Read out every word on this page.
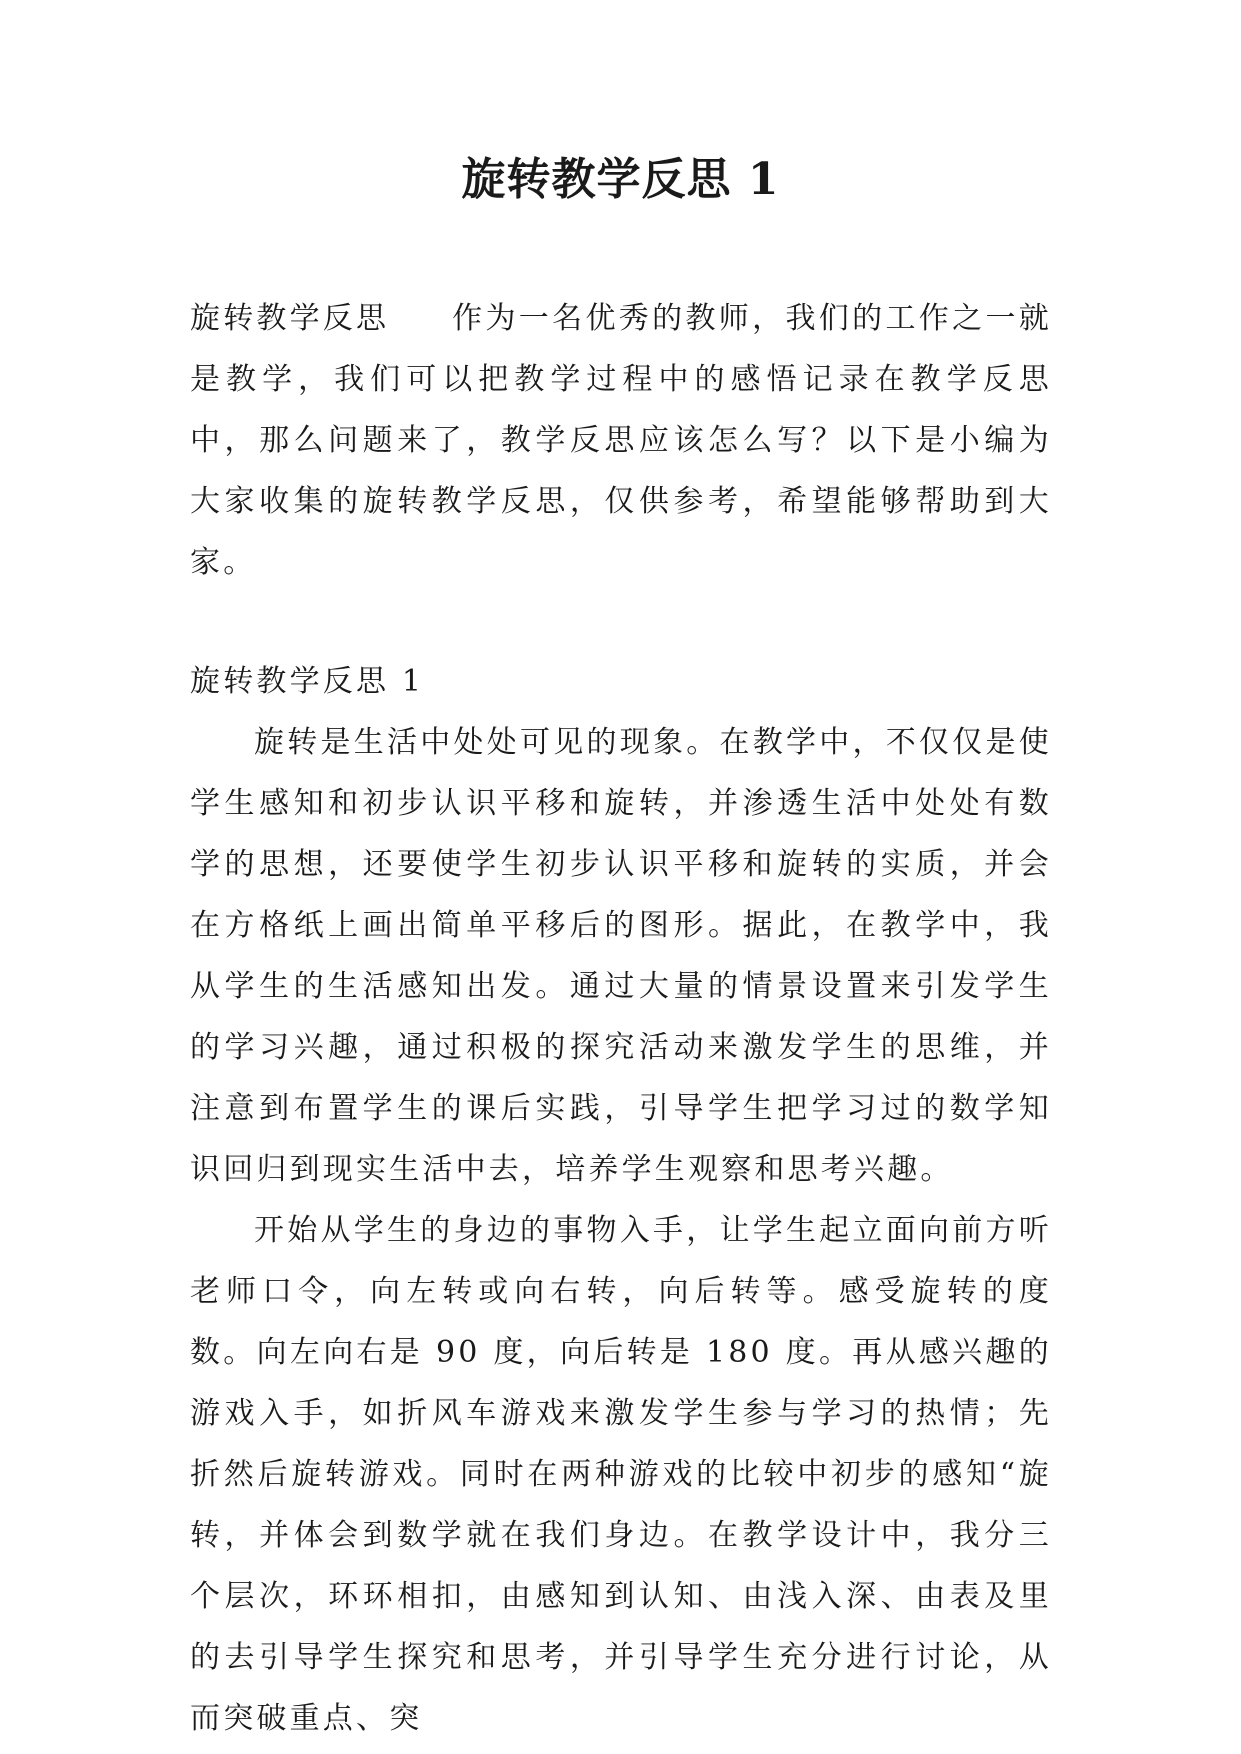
旋转教学反思 1

旋转教学反思 作为一名优秀的教师，我们的工作之一就是教学，我们可以把教学过程中的感悟记录在教学反思中，那么问题来了，教学反思应该怎么写？以下是小编为大家收集的旋转教学反思，仅供参考，希望能够帮助到大家。

旋转教学反思 1

旋转是生活中处处可见的现象。在教学中，不仅仅是使学生感知和初步认识平移和旋转，并渗透生活中处处有数学的思想，还要使学生初步认识平移和旋转的实质，并会在方格纸上画出简单平移后的图形。据此，在教学中，我从学生的生活感知出发。通过大量的情景设置来引发学生的学习兴趣，通过积极的探究活动来激发学生的思维，并注意到布置学生的课后实践，引导学生把学习过的数学知识回归到现实生活中去，培养学生观察和思考兴趣。

开始从学生的身边的事物入手，让学生起立面向前方听老师口令，向左转或向右转，向后转等。感受旋转的度数。向左向右是 90 度，向后转是 180 度。再从感兴趣的游戏入手，如折风车游戏来激发学生参与学习的热情；先折然后旋转游戏。同时在两种游戏的比较中初步的感知“旋转，并体会到数学就在我们身边。在教学设计中，我分三个层次，环环相扣，由感知到认知、由浅入深、由表及里的去引导学生探究和思考，并引导学生充分进行讨论，从而突破重点、突
